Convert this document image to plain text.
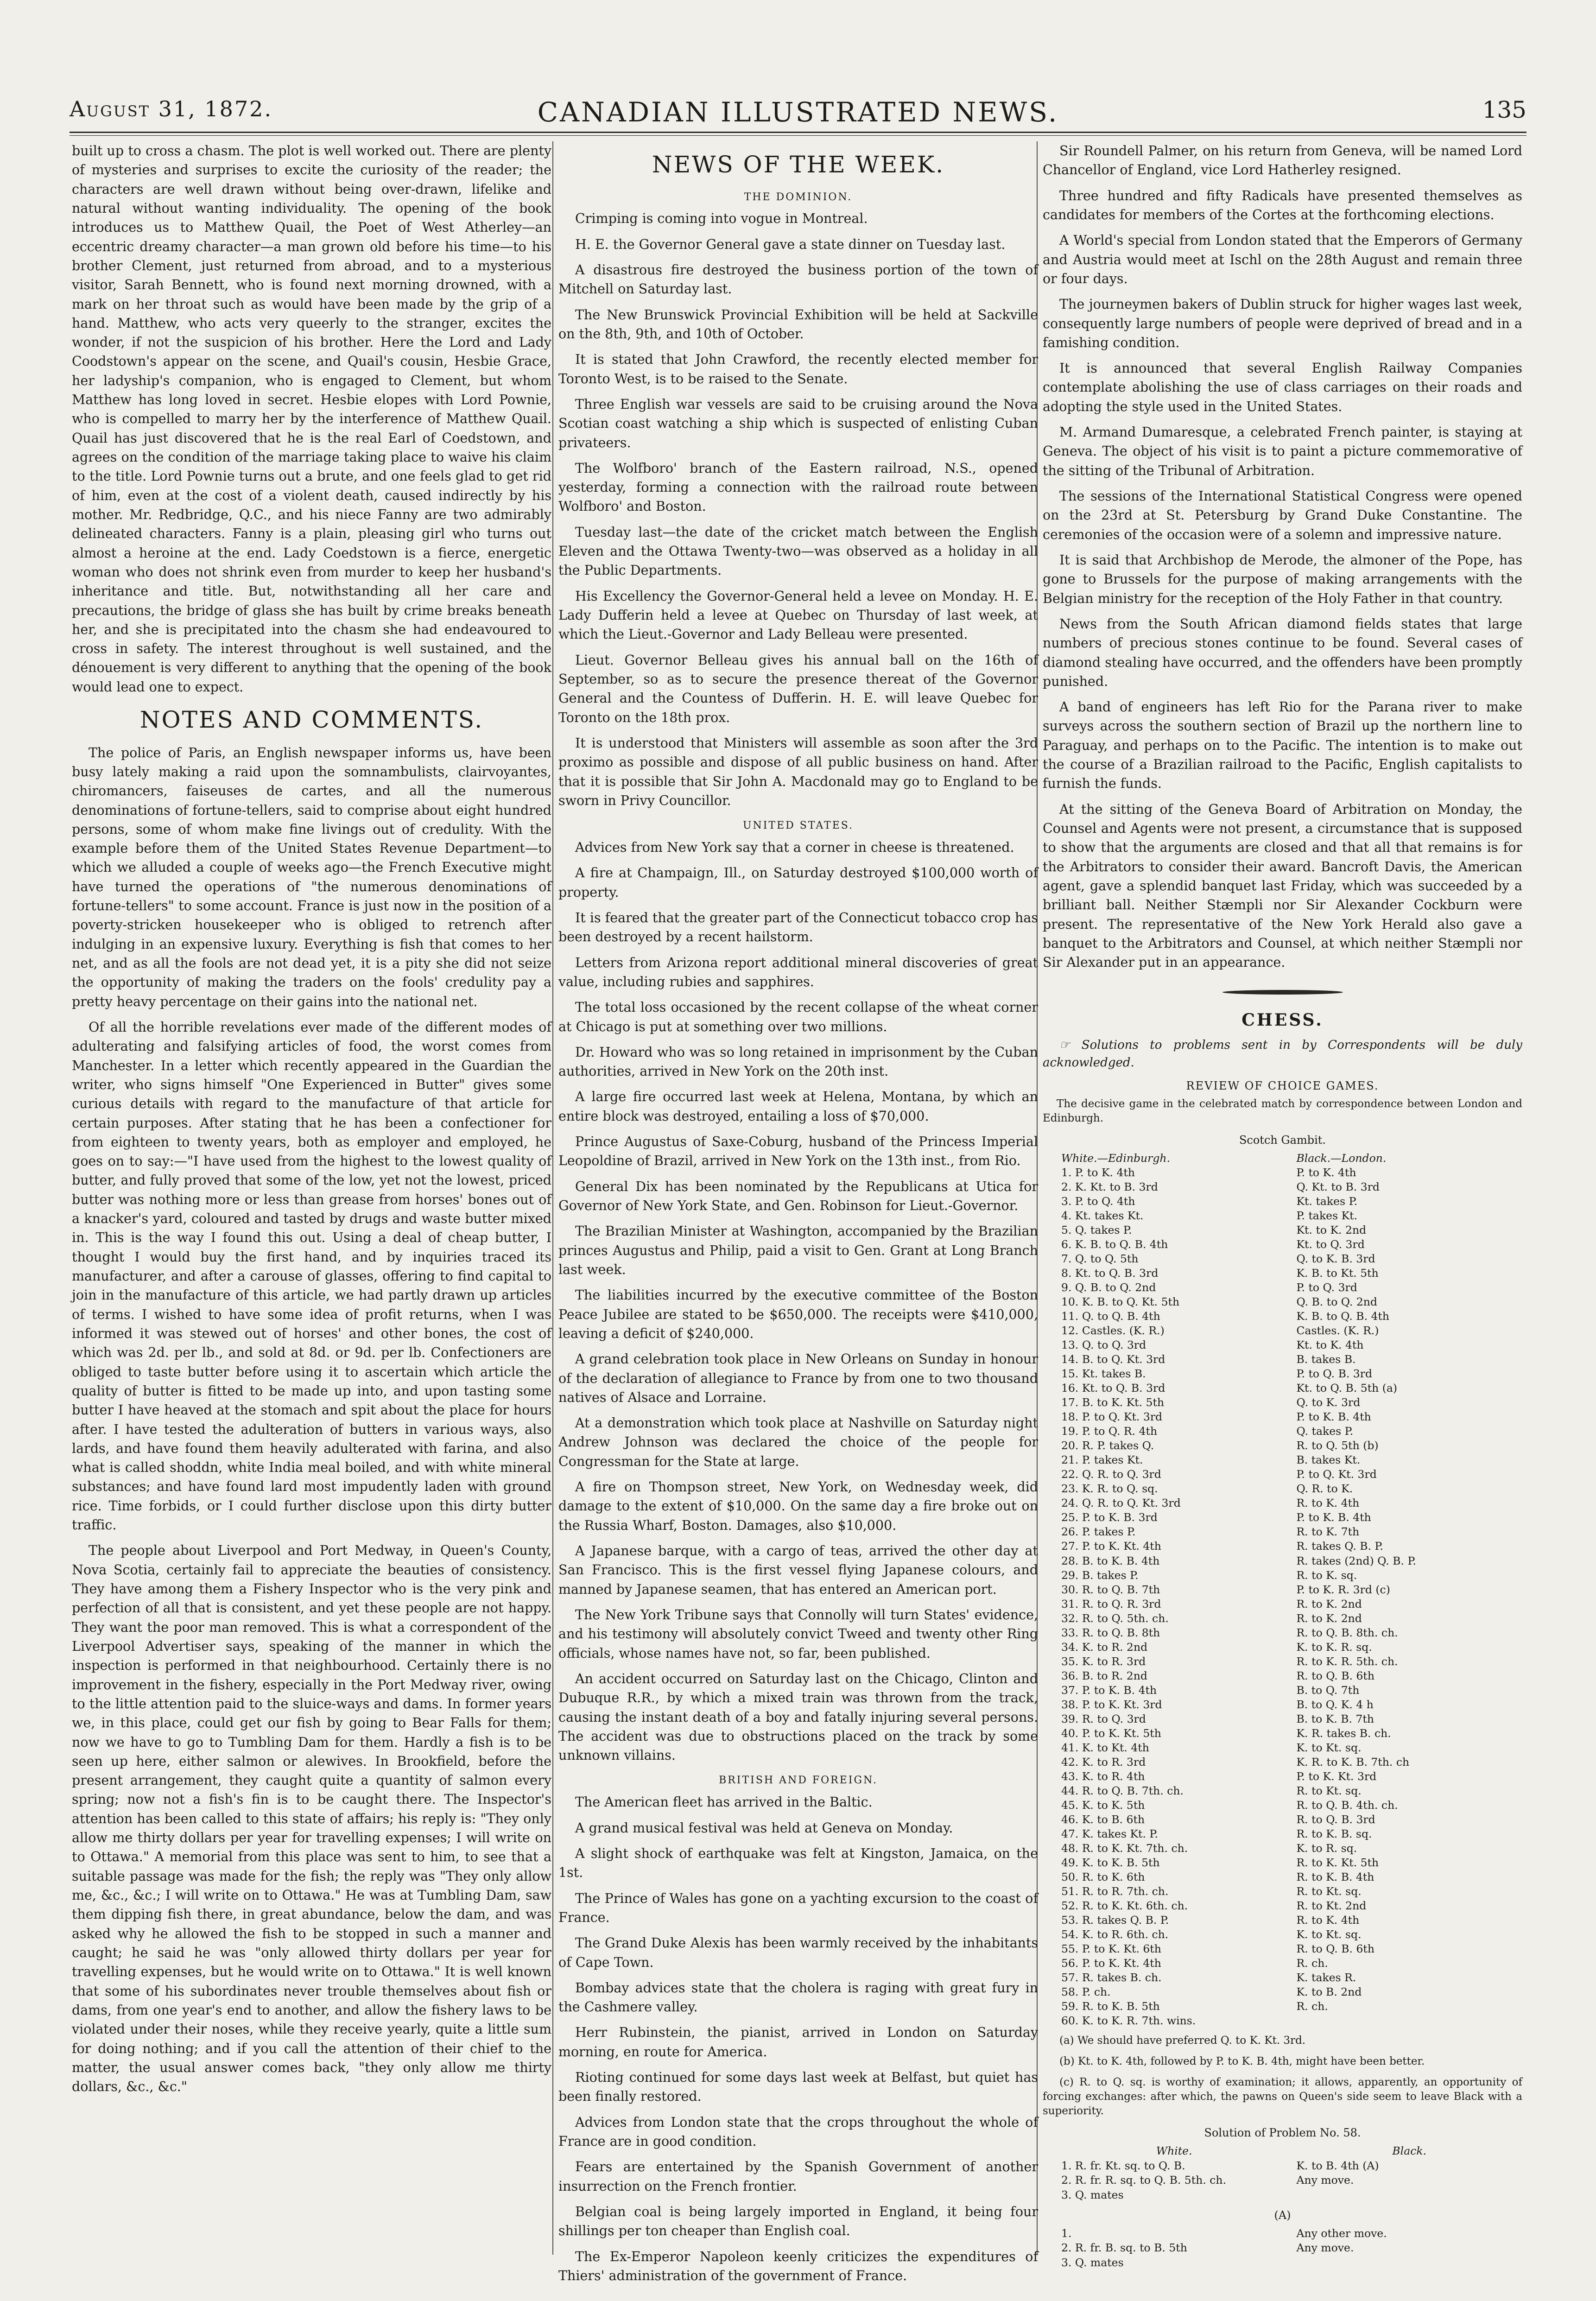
August 31, 1872.	CANADIAN ILLUSTRATED NEWS.	135

built up to cross a chasm. The plot is well worked out. There are plenty of mysteries and surprises to excite the curiosity of the reader; the characters are well drawn without being over-drawn, lifelike and natural without wanting individuality. The opening of the book introduces us to Matthew Quail, the Poet of West Atherley—an eccentric dreamy character—a man grown old before his time—to his brother Clement, just returned from abroad, and to a mysterious visitor, Sarah Bennett, who is found next morning drowned, with a mark on her throat such as would have been made by the grip of a hand. Matthew, who acts very queerly to the stranger, excites the wonder, if not the suspicion of his brother. Here the Lord and Lady Coodstown's appear on the scene, and Quail's cousin, Hesbie Grace, her ladyship's companion, who is engaged to Clement, but whom Matthew has long loved in secret. Hesbie elopes with Lord Pownie, who is compelled to marry her by the interference of Matthew Quail. Quail has just discovered that he is the real Earl of Coedstown, and agrees on the condition of the marriage taking place to waive his claim to the title. Lord Pownie turns out a brute, and one feels glad to get rid of him, even at the cost of a violent death, caused indirectly by his mother. Mr. Redbridge, Q.C., and his niece Fanny are two admirably delineated characters. Fanny is a plain, pleasing girl who turns out almost a heroine at the end. Lady Coedstown is a fierce, energetic woman who does not shrink even from murder to keep her husband's inheritance and title. But, notwithstanding all her care and precautions, the bridge of glass she has built by crime breaks beneath her, and she is precipitated into the chasm she had endeavoured to cross in safety. The interest throughout is well sustained, and the dénouement is very different to anything that the opening of the book would lead one to expect.

NOTES AND COMMENTS.

The police of Paris, an English newspaper informs us, have been busy lately making a raid upon the somnambulists, clairvoyantes, chiromancers, faiseuses de cartes, and all the numerous denominations of fortune-tellers, said to comprise about eight hundred persons, some of whom make fine livings out of credulity. With the example before them of the United States Revenue Department—to which we alluded a couple of weeks ago—the French Executive might have turned the operations of "the numerous denominations of fortune-tellers" to some account. France is just now in the position of a poverty-stricken housekeeper who is obliged to retrench after indulging in an expensive luxury. Everything is fish that comes to her net, and as all the fools are not dead yet, it is a pity she did not seize the opportunity of making the traders on the fools' credulity pay a pretty heavy percentage on their gains into the national net.

Of all the horrible revelations ever made of the different modes of adulterating and falsifying articles of food, the worst comes from Manchester. In a letter which recently appeared in the Guardian the writer, who signs himself "One Experienced in Butter" gives some curious details with regard to the manufacture of that article for certain purposes. After stating that he has been a confectioner for from eighteen to twenty years, both as employer and employed, he goes on to say:—"I have used from the highest to the lowest quality of butter, and fully proved that some of the low, yet not the lowest, priced butter was nothing more or less than grease from horses' bones out of a knacker's yard, coloured and tasted by drugs and waste butter mixed in. This is the way I found this out. Using a deal of cheap butter, I thought I would buy the first hand, and by inquiries traced its manufacturer, and after a carouse of glasses, offering to find capital to join in the manufacture of this article, we had partly drawn up articles of terms. I wished to have some idea of profit returns, when I was informed it was stewed out of horses' and other bones, the cost of which was 2d. per lb., and sold at 8d. or 9d. per lb. Confectioners are obliged to taste butter before using it to ascertain which article the quality of butter is fitted to be made up into, and upon tasting some butter I have heaved at the stomach and spit about the place for hours after. I have tested the adulteration of butters in various ways, also lards, and have found them heavily adulterated with farina, and also what is called shoddn, white India meal boiled, and with white mineral substances; and have found lard most impudently laden with ground rice. Time forbids, or I could further disclose upon this dirty butter traffic.

The people about Liverpool and Port Medway, in Queen's County, Nova Scotia, certainly fail to appreciate the beauties of consistency. They have among them a Fishery Inspector who is the very pink and perfection of all that is consistent, and yet these people are not happy. They want the poor man removed. This is what a correspondent of the Liverpool Advertiser says, speaking of the manner in which the inspection is performed in that neighbourhood. Certainly there is no improvement in the fishery, especially in the Port Medway river, owing to the little attention paid to the sluice-ways and dams. In former years we, in this place, could get our fish by going to Bear Falls for them; now we have to go to Tumbling Dam for them. Hardly a fish is to be seen up here, either salmon or alewives. In Brookfield, before the present arrangement, they caught quite a quantity of salmon every spring; now not a fish's fin is to be caught there. The Inspector's attention has been called to this state of affairs; his reply is: "They only allow me thirty dollars per year for travelling expenses; I will write on to Ottawa." A memorial from this place was sent to him, to see that a suitable passage was made for the fish; the reply was "They only allow me, &c., &c.; I will write on to Ottawa." He was at Tumbling Dam, saw them dipping fish there, in great abundance, below the dam, and was asked why he allowed the fish to be stopped in such a manner and caught; he said he was "only allowed thirty dollars per year for travelling expenses, but he would write on to Ottawa." It is well known that some of his subordinates never trouble themselves about fish or dams, from one year's end to another, and allow the fishery laws to be violated under their noses, while they receive yearly, quite a little sum for doing nothing; and if you call the attention of their chief to the matter, the usual answer comes back, "they only allow me thirty dollars, &c., &c."

NEWS OF THE WEEK.
THE DOMINION.

Crimping is coming into vogue in Montreal.

H. E. the Governor General gave a state dinner on Tuesday last.

A disastrous fire destroyed the business portion of the town of Mitchell on Saturday last.

The New Brunswick Provincial Exhibition will be held at Sackville on the 8th, 9th, and 10th of October.

It is stated that John Crawford, the recently elected member for Toronto West, is to be raised to the Senate.

Three English war vessels are said to be cruising around the Nova Scotian coast watching a ship which is suspected of enlisting Cuban privateers.

The Wolfboro' branch of the Eastern railroad, N.S., opened yesterday, forming a connection with the railroad route between Wolfboro' and Boston.

Tuesday last—the date of the cricket match between the English Eleven and the Ottawa Twenty-two—was observed as a holiday in all the Public Departments.

His Excellency the Governor-General held a levee on Monday. H. E. Lady Dufferin held a levee at Quebec on Thursday of last week, at which the Lieut.-Governor and Lady Belleau were presented.

Lieut. Governor Belleau gives his annual ball on the 16th of September, so as to secure the presence thereat of the Governor General and the Countess of Dufferin. H. E. will leave Quebec for Toronto on the 18th prox.

It is understood that Ministers will assemble as soon after the 3rd proximo as possible and dispose of all public business on hand. After that it is possible that Sir John A. Macdonald may go to England to be sworn in Privy Councillor.

UNITED STATES.

Advices from New York say that a corner in cheese is threatened.

A fire at Champaign, Ill., on Saturday destroyed $100,000 worth of property.

It is feared that the greater part of the Connecticut tobacco crop has been destroyed by a recent hailstorm.

Letters from Arizona report additional mineral discoveries of great value, including rubies and sapphires.

The total loss occasioned by the recent collapse of the wheat corner at Chicago is put at something over two millions.

Dr. Howard who was so long retained in imprisonment by the Cuban authorities, arrived in New York on the 20th inst.

A large fire occurred last week at Helena, Montana, by which an entire block was destroyed, entailing a loss of $70,000.

Prince Augustus of Saxe-Coburg, husband of the Princess Imperial Leopoldine of Brazil, arrived in New York on the 13th inst., from Rio.

General Dix has been nominated by the Republicans at Utica for Governor of New York State, and Gen. Robinson for Lieut.-Governor.

The Brazilian Minister at Washington, accompanied by the Brazilian princes Augustus and Philip, paid a visit to Gen. Grant at Long Branch last week.

The liabilities incurred by the executive committee of the Boston Peace Jubilee are stated to be $650,000. The receipts were $410,000, leaving a deficit of $240,000.

A grand celebration took place in New Orleans on Sunday in honour of the declaration of allegiance to France by from one to two thousand natives of Alsace and Lorraine.

At a demonstration which took place at Nashville on Saturday night Andrew Johnson was declared the choice of the people for Congressman for the State at large.

A fire on Thompson street, New York, on Wednesday week, did damage to the extent of $10,000. On the same day a fire broke out on the Russia Wharf, Boston. Damages, also $10,000.

A Japanese barque, with a cargo of teas, arrived the other day at San Francisco. This is the first vessel flying Japanese colours, and manned by Japanese seamen, that has entered an American port.

The New York Tribune says that Connolly will turn States' evidence, and his testimony will absolutely convict Tweed and twenty other Ring officials, whose names have not, so far, been published.

An accident occurred on Saturday last on the Chicago, Clinton and Dubuque R.R., by which a mixed train was thrown from the track, causing the instant death of a boy and fatally injuring several persons. The accident was due to obstructions placed on the track by some unknown villains.

BRITISH AND FOREIGN.

The American fleet has arrived in the Baltic.

A grand musical festival was held at Geneva on Monday.

A slight shock of earthquake was felt at Kingston, Jamaica, on the 1st.

The Prince of Wales has gone on a yachting excursion to the coast of France.

The Grand Duke Alexis has been warmly received by the inhabitants of Cape Town.

Bombay advices state that the cholera is raging with great fury in the Cashmere valley.

Herr Rubinstein, the pianist, arrived in London on Saturday morning, en route for America.

Rioting continued for some days last week at Belfast, but quiet has been finally restored.

Advices from London state that the crops throughout the whole of France are in good condition.

Fears are entertained by the Spanish Government of another insurrection on the French frontier.

Belgian coal is being largely imported in England, it being four shillings per ton cheaper than English coal.

The Ex-Emperor Napoleon keenly criticizes the expenditures of Thiers' administration of the government of France.

Sir Roundell Palmer, on his return from Geneva, will be named Lord Chancellor of England, vice Lord Hatherley resigned.

Three hundred and fifty Radicals have presented themselves as candidates for members of the Cortes at the forthcoming elections.

A World's special from London stated that the Emperors of Germany and Austria would meet at Ischl on the 28th August and remain three or four days.

The journeymen bakers of Dublin struck for higher wages last week, consequently large numbers of people were deprived of bread and in a famishing condition.

It is announced that several English Railway Companies contemplate abolishing the use of class carriages on their roads and adopting the style used in the United States.

M. Armand Dumaresque, a celebrated French painter, is staying at Geneva. The object of his visit is to paint a picture commemorative of the sitting of the Tribunal of Arbitration.

The sessions of the International Statistical Congress were opened on the 23rd at St. Petersburg by Grand Duke Constantine. The ceremonies of the occasion were of a solemn and impressive nature.

It is said that Archbishop de Merode, the almoner of the Pope, has gone to Brussels for the purpose of making arrangements with the Belgian ministry for the reception of the Holy Father in that country.

News from the South African diamond fields states that large numbers of precious stones continue to be found. Several cases of diamond stealing have occurred, and the offenders have been promptly punished.

A band of engineers has left Rio for the Parana river to make surveys across the southern section of Brazil up the northern line to Paraguay, and perhaps on to the Pacific. The intention is to make out the course of a Brazilian railroad to the Pacific, English capitalists to furnish the funds.

At the sitting of the Geneva Board of Arbitration on Monday, the Counsel and Agents were not present, a circumstance that is supposed to show that the arguments are closed and that all that remains is for the Arbitrators to consider their award. Bancroft Davis, the American agent, gave a splendid banquet last Friday, which was succeeded by a brilliant ball. Neither Stæmpli nor Sir Alexander Cockburn were present. The representative of the New York Herald also gave a banquet to the Arbitrators and Counsel, at which neither Stæmpli nor Sir Alexander put in an appearance.

CHESS.

☞ Solutions to problems sent in by Correspondents will be duly acknowledged.

REVIEW OF CHOICE GAMES.

The decisive game in the celebrated match by correspondence between London and Edinburgh.

Scotch Gambit.
White.—Edinburgh.	Black.—London.
1. P. to K. 4th	P. to K. 4th
2. K. Kt. to B. 3rd	Q. Kt. to B. 3rd
3. P. to Q. 4th	Kt. takes P.
4. Kt. takes Kt.	P. takes Kt.
5. Q. takes P.	Kt. to K. 2nd
6. K. B. to Q. B. 4th	Kt. to Q. 3rd
7. Q. to Q. 5th	Q. to K. B. 3rd
8. Kt. to Q. B. 3rd	K. B. to Kt. 5th
9. Q. B. to Q. 2nd	P. to Q. 3rd
10. K. B. to Q. Kt. 5th	Q. B. to Q. 2nd
11. Q. to Q. B. 4th	K. B. to Q. B. 4th
12. Castles. (K. R.)	Castles. (K. R.)
13. Q. to Q. 3rd	Kt. to K. 4th
14. B. to Q. Kt. 3rd	B. takes B.
15. Kt. takes B.	P. to Q. B. 3rd
16. Kt. to Q. B. 3rd	Kt. to Q. B. 5th (a)
17. B. to K. Kt. 5th	Q. to K. 3rd
18. P. to Q. Kt. 3rd	P. to K. B. 4th
19. P. to Q. R. 4th	Q. takes P.
20. R. P. takes Q.	R. to Q. 5th (b)
21. P. takes Kt.	B. takes Kt.
22. Q. R. to Q. 3rd	P. to Q. Kt. 3rd
23. K. R. to Q. sq.	Q. R. to K.
24. Q. R. to Q. Kt. 3rd	R. to K. 4th
25. P. to K. B. 3rd	P. to K. B. 4th
26. P. takes P.	R. to K. 7th
27. P. to K. Kt. 4th	R. takes Q. B. P.
28. B. to K. B. 4th	R. takes (2nd) Q. B. P.
29. B. takes P.	R. to K. sq.
30. R. to Q. B. 7th	P. to K. R. 3rd (c)
31. R. to Q. R. 3rd	R. to K. 2nd
32. R. to Q. 5th. ch.	R. to K. 2nd
33. R. to Q. B. 8th	R. to Q. B. 8th. ch.
34. K. to R. 2nd	K. to K. R. sq.
35. K. to R. 3rd	R. to K. R. 5th. ch.
36. B. to R. 2nd	R. to Q. B. 6th
37. P. to K. B. 4th	B. to Q. 7th
38. P. to K. Kt. 3rd	B. to Q. K. 4 h
39. R. to Q. 3rd	B. to K. B. 7th
40. P. to K. Kt. 5th	K. R. takes B. ch.
41. K. to Kt. 4th	K. to Kt. sq.
42. K. to R. 3rd	K. R. to K. B. 7th. ch
43. K. to R. 4th	P. to K. Kt. 3rd
44. R. to Q. B. 7th. ch.	R. to Kt. sq.
45. K. to K. 5th	R. to Q. B. 4th. ch.
46. K. to B. 6th	R. to Q. B. 3rd
47. K. takes Kt. P.	R. to K. B. sq.
48. R. to K. Kt. 7th. ch.	K. to R. sq.
49. K. to K. B. 5th	R. to K. Kt. 5th
50. R. to K. 6th	R. to K. B. 4th
51. R. to R. 7th. ch.	R. to Kt. sq.
52. R. to K. Kt. 6th. ch.	R. to Kt. 2nd
53. R. takes Q. B. P.	R. to K. 4th
54. K. to R. 6th. ch.	K. to Kt. sq.
55. P. to K. Kt. 6th	R. to Q. B. 6th
56. P. to K. Kt. 4th	R. ch.
57. R. takes B. ch.	K. takes R.
58. P. ch.	K. to B. 2nd
59. R. to K. B. 5th	R. ch.
60. K. to K. R. 7th. wins.

(a) We should have preferred Q. to K. Kt. 3rd.

(b) Kt. to K. 4th, followed by P. to K. B. 4th, might have been better.

(c) R. to Q. sq. is worthy of examination; it allows, apparently, an opportunity of forcing exchanges: after which, the pawns on Queen's side seem to leave Black with a superiority.

Solution of Problem No. 58.
White.	Black.
1. R. fr. Kt. sq. to Q. B.	K. to B. 4th (A)
2. R. fr. R. sq. to Q. B. 5th. ch.	Any move.
3. Q. mates
(A)
1.	Any other move.
2. R. fr. B. sq. to B. 5th	Any move.
3. Q. mates
